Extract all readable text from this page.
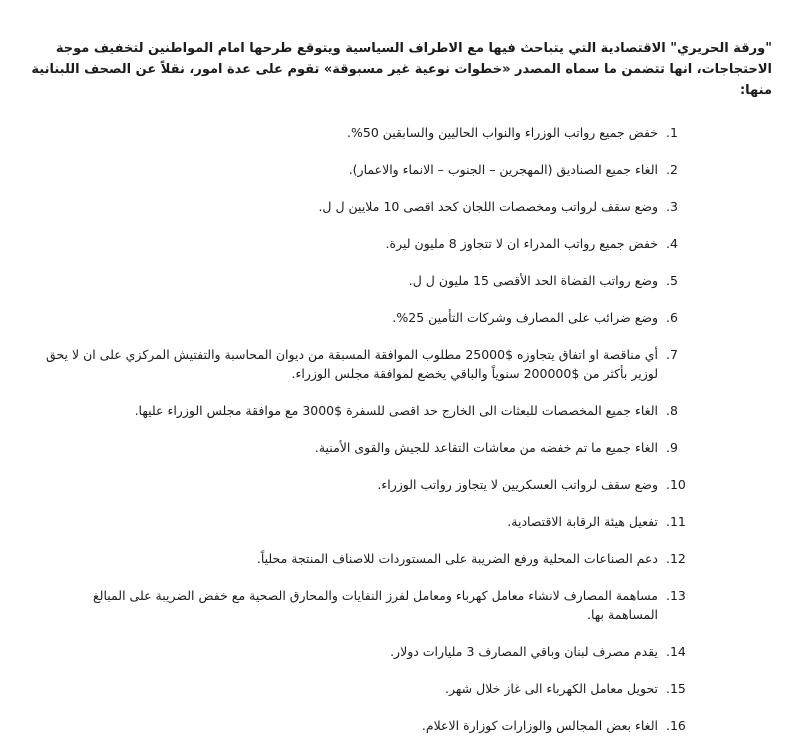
"ورقة الحريري" الاقتصادية التي يتباحث فيها مع الاطراف السياسية ويتوقع طرحها امام المواطنين لتخفيف موجة
الاحتجاجات، انها تتضمن ما سماه المصدر «خطوات نوعية غير مسبوقة» تقوم على عدة امور، نقلاً عن الصحف اللبنانية
منها:
1.
خفض جميع رواتب الوزراء والنواب الحاليين والسابقين 50%.
2.
الغاء جميع الصناديق (المهجرين – الجنوب – الانماء والاعمار).
3.
وضع سقف لرواتب ومخصصات اللجان كحد اقصى 10 ملايين ل ل.
4.
خفض جميع رواتب المدراء ان لا تتجاوز 8 مليون ليرة.
5.
وضع رواتب القضاة الحد الأقصى 15 مليون ل ل.
6.
وضع ضرائب على المصارف وشركات التأمين 25%.
7.
أي مناقصة او اتفاق يتجاوزه $25000 مطلوب الموافقة المسبقة من ديوان المحاسبة والتفتيش المركزي على ان لا يحق لوزير بأكثر من $200000 سنوياً والباقي يخضع لموافقة مجلس الوزراء.
8.
الغاء جميع المخصصات للبعثات الى الخارج حد اقصى للسفرة $3000 مع موافقة مجلس الوزراء عليها.
9.
الغاء جميع ما تم خفضه من معاشات التقاعد للجيش والقوى الأمنية.
10.
وضع سقف لرواتب العسكريين لا يتجاوز رواتب الوزراء.
11.
تفعيل هيئة الرقابة الاقتصادية.
12.
دعم الصناعات المحلية ورفع الضريبة على المستوردات للاصناف المنتجة محلياً.
13.
مساهمة المصارف لانشاء معامل كهرباء ومعامل لفرز النفايات والمحارق الصحية مع خفض الضريبة على المبالغ المساهمة بها.
14.
يقدم مصرف لبنان وباقي المصارف 3 مليارات دولار.
15.
تحويل معامل الكهرباء الى غاز خلال شهر.
16.
الغاء بعض المجالس والوزارات كوزارة الاعلام.
